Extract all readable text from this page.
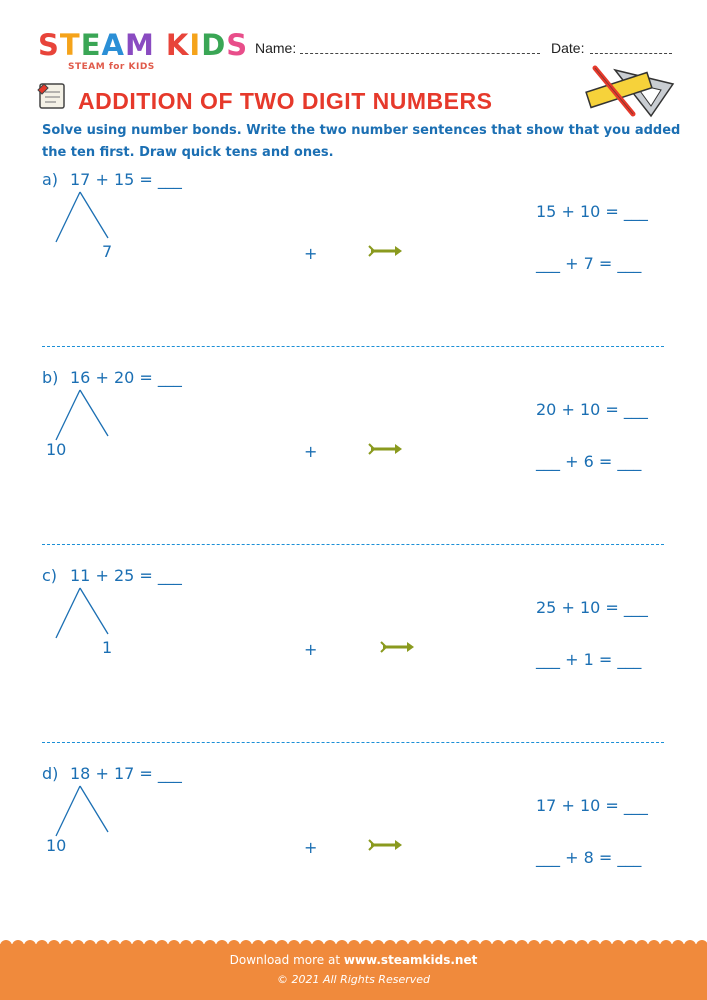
STEAM KIDS
STEAM for KIDS
Name:	Date:
ADDITION OF TWO DIGIT NUMBERS
Solve using number bonds. Write the two number sentences that show that you added the ten first. Draw quick tens and ones.
a) 17 + 15 = ___
7	+
15 + 10 = ___
___ + 7 = ___
b) 16 + 20 = ___
10	+
20 + 10 = ___
___ + 6 = ___
c) 11 + 25 = ___
1	+
25 + 10 = ___
___ + 1 = ___
d) 18 + 17 = ___
10	+
17 + 10 = ___
___ + 8 = ___
Download more at www.steamkids.net
© 2021 All Rights Reserved
